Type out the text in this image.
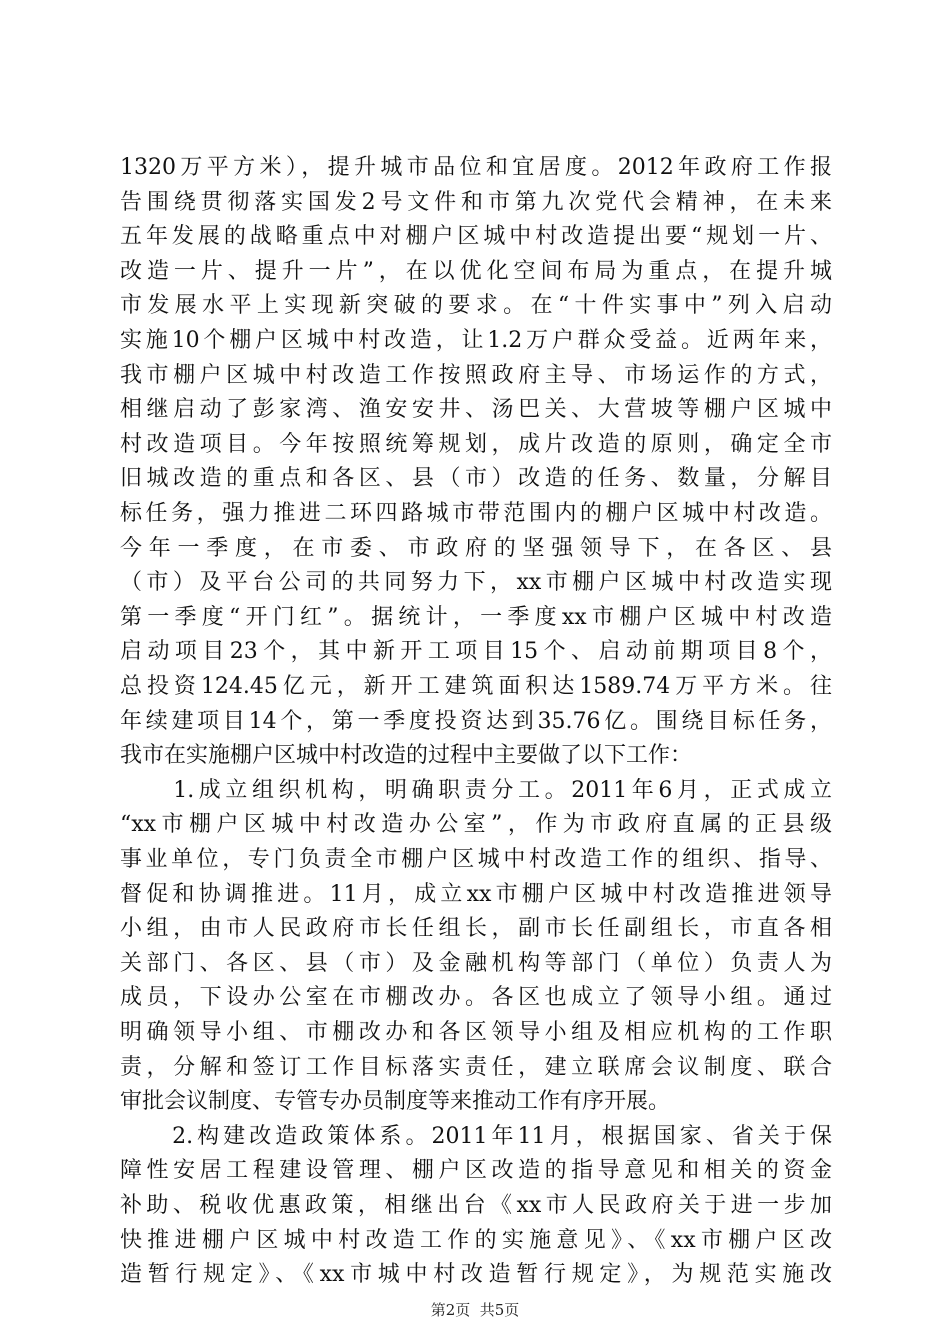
1320万平方米），提升城市品位和宜居度。2012年政府工作报
告围绕贯彻落实国发2号文件和市第九次党代会精神，在未来
五年发展的战略重点中对棚户区城中村改造提出要“规划一片、
改造一片、提升一片”，在以优化空间布局为重点，在提升城
市发展水平上实现新突破的要求。在“十件实事中”列入启动
实施10个棚户区城中村改造，让1.2万户群众受益。近两年来，
我市棚户区城中村改造工作按照政府主导、市场运作的方式，
相继启动了彭家湾、渔安安井、汤巴关、大营坡等棚户区城中
村改造项目。今年按照统筹规划，成片改造的原则，确定全市
旧城改造的重点和各区、县（市）改造的任务、数量，分解目
标任务，强力推进二环四路城市带范围内的棚户区城中村改造。
今年一季度，在市委、市政府的坚强领导下，在各区、县
（市）及平台公司的共同努力下，xx市棚户区城中村改造实现
第一季度“开门红”。据统计，一季度xx市棚户区城中村改造
启动项目23个，其中新开工项目15个、启动前期项目8个，
总投资124.45亿元，新开工建筑面积达1589.74万平方米。往
年续建项目14个，第一季度投资达到35.76亿。围绕目标任务，
我市在实施棚户区城中村改造的过程中主要做了以下工作：
　　1.成立组织机构，明确职责分工。2011年6月，正式成立
“xx市棚户区城中村改造办公室”，作为市政府直属的正县级
事业单位，专门负责全市棚户区城中村改造工作的组织、指导、
督促和协调推进。11月，成立xx市棚户区城中村改造推进领导
小组，由市人民政府市长任组长，副市长任副组长，市直各相
关部门、各区、县（市）及金融机构等部门（单位）负责人为
成员，下设办公室在市棚改办。各区也成立了领导小组。通过
明确领导小组、市棚改办和各区领导小组及相应机构的工作职
责，分解和签订工作目标落实责任，建立联席会议制度、联合
审批会议制度、专管专办员制度等来推动工作有序开展。
　　2.构建改造政策体系。2011年11月，根据国家、省关于保
障性安居工程建设管理、棚户区改造的指导意见和相关的资金
补助、税收优惠政策，相继出台《xx市人民政府关于进一步加
快推进棚户区城中村改造工作的实施意见》、《xx市棚户区改
造暂行规定》、《xx市城中村改造暂行规定》，为规范实施改
第2页  共5页
